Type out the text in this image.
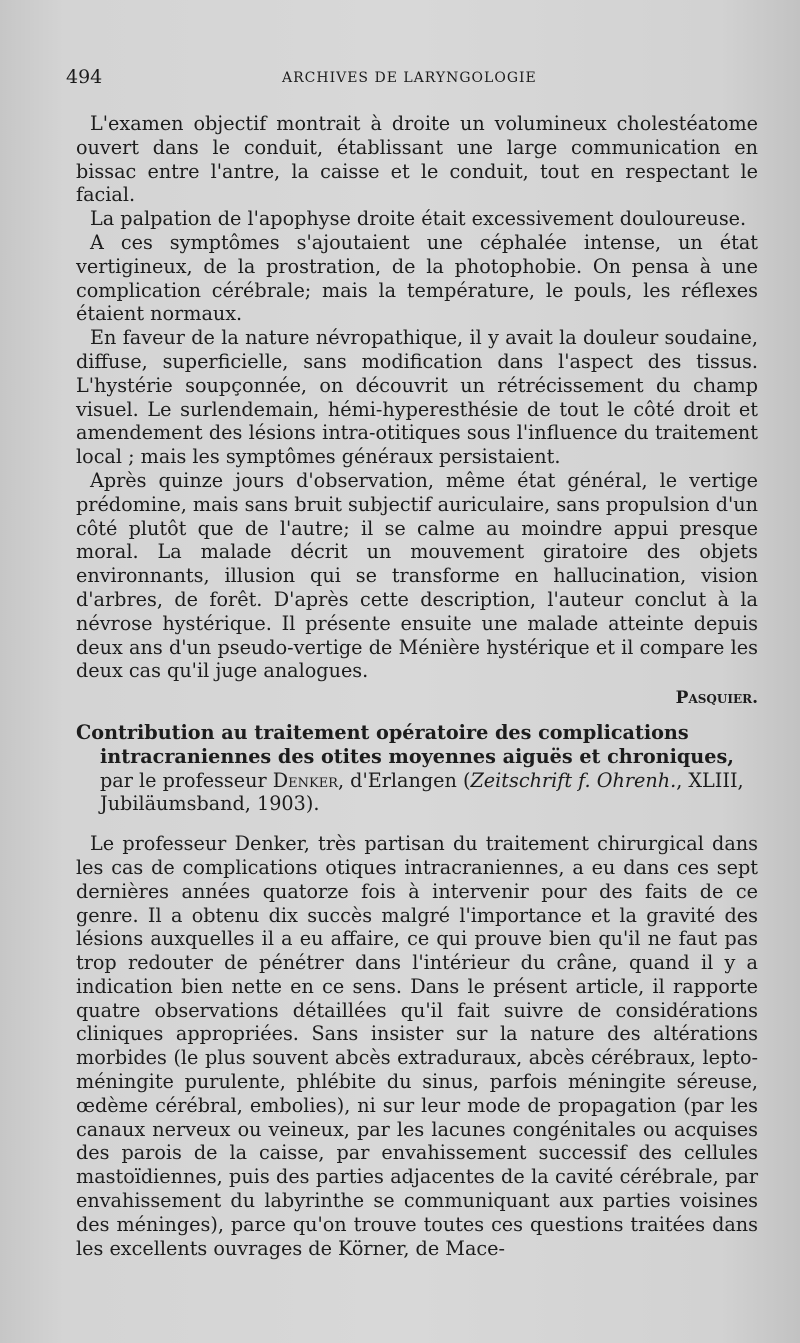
494	ARCHIVES DE LARYNGOLOGIE

L'examen objectif montrait à droite un volumineux cholestéatome ouvert dans le conduit, établissant une large communication en bissac entre l'antre, la caisse et le conduit, tout en respectant le facial.

La palpation de l'apophyse droite était excessivement douloureuse.

A ces symptômes s'ajoutaient une céphalée intense, un état vertigineux, de la prostration, de la photophobie. On pensa à une complication cérébrale; mais la température, le pouls, les réflexes étaient normaux.

En faveur de la nature névropathique, il y avait la douleur soudaine, diffuse, superficielle, sans modification dans l'aspect des tissus. L'hystérie soupçonnée, on découvrit un rétrécissement du champ visuel. Le surlendemain, hémi-hyperesthésie de tout le côté droit et amendement des lésions intra-otitiques sous l'influence du traitement local ; mais les symptômes généraux persistaient.

Après quinze jours d'observation, même état général, le vertige prédomine, mais sans bruit subjectif auriculaire, sans propulsion d'un côté plutôt que de l'autre; il se calme au moindre appui presque moral. La malade décrit un mouvement giratoire des objets environnants, illusion qui se transforme en hallucination, vision d'arbres, de forêt. D'après cette description, l'auteur conclut à la névrose hystérique. Il présente ensuite une malade atteinte depuis deux ans d'un pseudo-vertige de Ménière hystérique et il compare les deux cas qu'il juge analogues.

Pasquier.

Contribution au traitement opératoire des complications intracraniennes des otites moyennes aiguës et chroniques, par le professeur Denker, d'Erlangen (Zeitschrift f. Ohrenh., XLIII, Jubiläumsband, 1903).

Le professeur Denker, très partisan du traitement chirurgical dans les cas de complications otiques intracraniennes, a eu dans ces sept dernières années quatorze fois à intervenir pour des faits de ce genre. Il a obtenu dix succès malgré l'importance et la gravité des lésions auxquelles il a eu affaire, ce qui prouve bien qu'il ne faut pas trop redouter de pénétrer dans l'intérieur du crâne, quand il y a indication bien nette en ce sens. Dans le présent article, il rapporte quatre observations détaillées qu'il fait suivre de considérations cliniques appropriées. Sans insister sur la nature des altérations morbides (le plus souvent abcès extraduraux, abcès cérébraux, lepto-méningite purulente, phlébite du sinus, parfois méningite séreuse, œdème cérébral, embolies), ni sur leur mode de propagation (par les canaux nerveux ou veineux, par les lacunes congénitales ou acquises des parois de la caisse, par envahissement successif des cellules mastoïdiennes, puis des parties adjacentes de la cavité cérébrale, par envahissement du labyrinthe se communiquant aux parties voisines des méninges), parce qu'on trouve toutes ces questions traitées dans les excellents ouvrages de Körner, de Mace-
